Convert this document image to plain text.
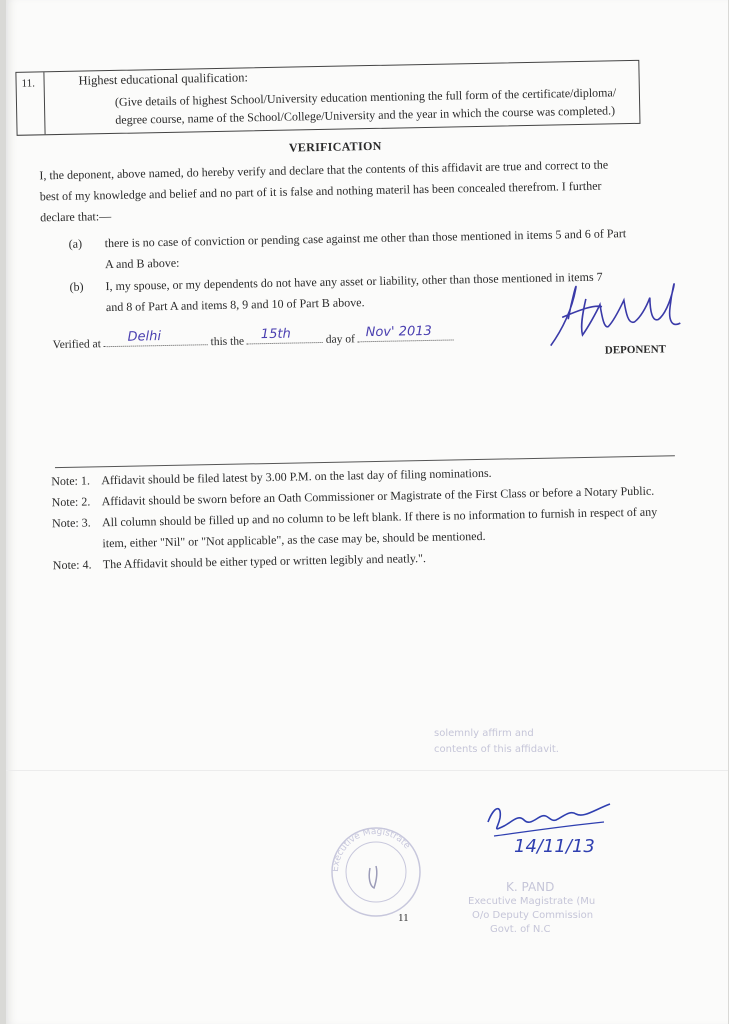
11.	Highest educational qualification:
(Give details of highest School/University education mentioning the full form of the certificate/diploma/
degree course, name of the School/College/University and the year in which the course was completed.)
VERIFICATION
I, the deponent, above named, do hereby verify and declare that the contents of this affidavit are true and correct to the
best of my knowledge and belief and no part of it is false and nothing materil has been concealed therefrom. I further
declare that:—
(a) there is no case of conviction or pending case against me other than those mentioned in items 5 and 6 of Part
A and B above:
(b) I, my spouse, or my dependents do not have any asset or liability, other than those mentioned in items 7
and 8 of Part A and items 8, 9 and 10 of Part B above.
Verified at Delhi	this the 15th	day of Nov' 2013
DEPONENT
Note: 1. Affidavit should be filed latest by 3.00 P.M. on the last day of filing nominations.
Note: 2. Affidavit should be sworn before an Oath Commissioner or Magistrate of the First Class or before a Notary Public.
Note: 3. All column should be filled up and no column to be left blank. If there is no information to furnish in respect of any
item, either "Nil" or "Not applicable", as the case may be, should be mentioned.
Note: 4. The Affidavit should be either typed or written legibly and neatly.".
solemnly affirm and
contents of this affidavit.
Executive Magistrate	14/11/13
K. PAND
Executive Magistrate (Mu
O/o Deputy Commission
Govt. of N.C
11
